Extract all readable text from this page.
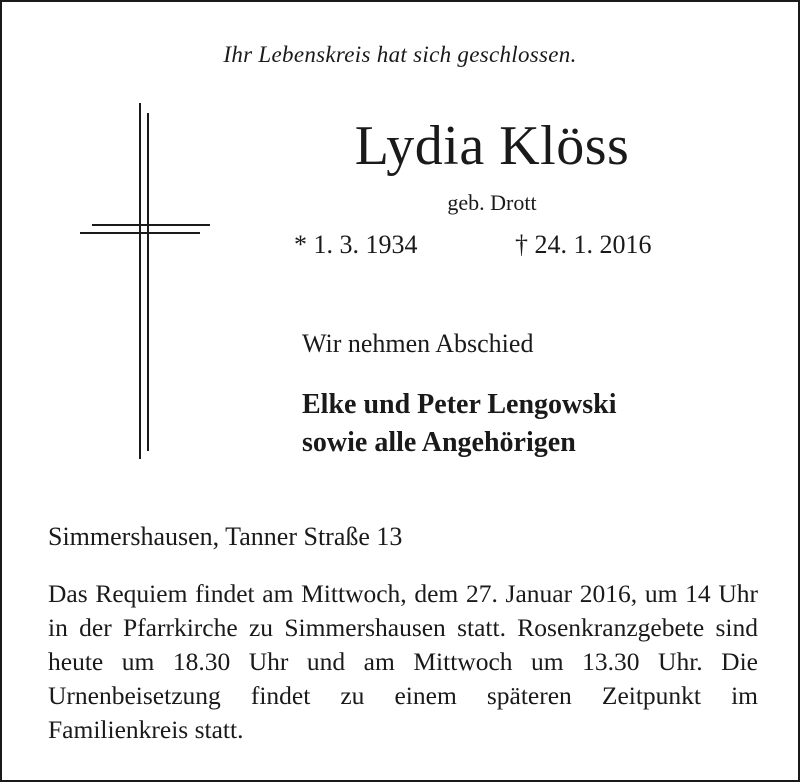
Ihr Lebenskreis hat sich geschlossen.
Lydia Klöss
geb. Drott
* 1. 3. 1934	† 24. 1. 2016
Wir nehmen Abschied
Elke und Peter Lengowski
sowie alle Angehörigen
Simmershausen, Tanner Straße 13
Das Requiem findet am Mittwoch, dem 27. Januar 2016, um 14 Uhr in der Pfarrkirche zu Simmershausen statt. Rosenkranzgebete sind heute um 18.30 Uhr und am Mittwoch um 13.30 Uhr. Die Urnenbeisetzung findet zu einem späteren Zeitpunkt im Familienkreis statt.
